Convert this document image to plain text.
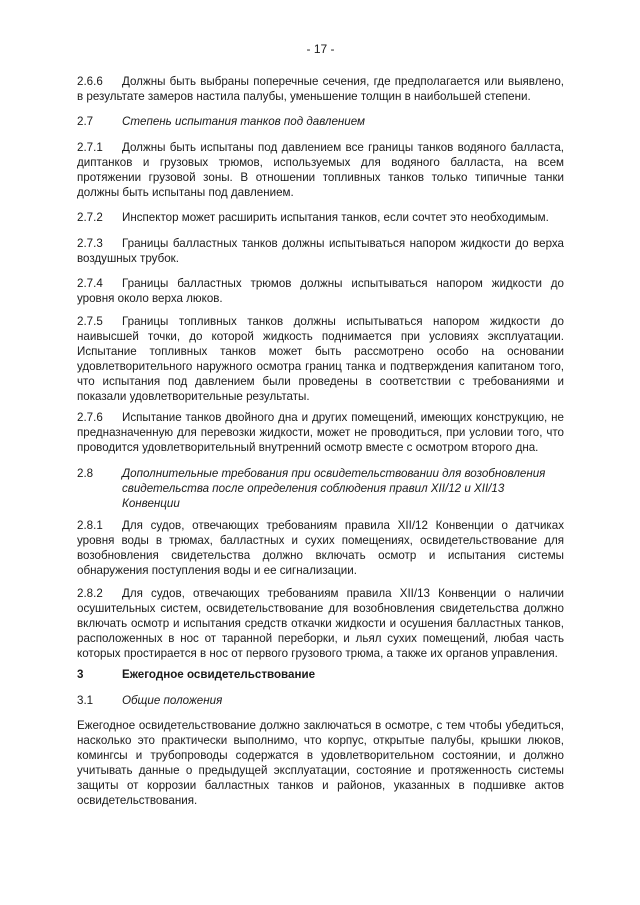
- 17 -
2.6.6 Должны быть выбраны поперечные сечения, где предполагается или выявлено, в результате замеров настила палубы, уменьшение толщин в наибольшей степени.
2.7 Степень испытания танков под давлением
2.7.1 Должны быть испытаны под давлением все границы танков водяного балласта, диптанков и грузовых трюмов, используемых для водяного балласта, на всем протяжении грузовой зоны. В отношении топливных танков только типичные танки должны быть испытаны под давлением.
2.7.2 Инспектор может расширить испытания танков, если сочтет это необходимым.
2.7.3 Границы балластных танков должны испытываться напором жидкости до верха воздушных трубок.
2.7.4 Границы балластных трюмов должны испытываться напором жидкости до уровня около верха люков.
2.7.5 Границы топливных танков должны испытываться напором жидкости до наивысшей точки, до которой жидкость поднимается при условиях эксплуатации. Испытание топливных танков может быть рассмотрено особо на основании удовлетворительного наружного осмотра границ танка и подтверждения капитаном того, что испытания под давлением были проведены в соответствии с требованиями и показали удовлетворительные результаты.
2.7.6 Испытание танков двойного дна и других помещений, имеющих конструкцию, не предназначенную для перевозки жидкости, может не проводиться, при условии того, что проводится удовлетворительный внутренний осмотр вместе с осмотром второго дна.
2.8 Дополнительные требования при освидетельствовании для возобновления свидетельства после определения соблюдения правил XII/12 и XII/13 Конвенции
2.8.1 Для судов, отвечающих требованиям правила XII/12 Конвенции о датчиках уровня воды в трюмах, балластных и сухих помещениях, освидетельствование для возобновления свидетельства должно включать осмотр и испытания системы обнаружения поступления воды и ее сигнализации.
2.8.2 Для судов, отвечающих требованиям правила XII/13 Конвенции о наличии осушительных систем, освидетельствование для возобновления свидетельства должно включать осмотр и испытания средств откачки жидкости и осушения балластных танков, расположенных в нос от таранной переборки, и льял сухих помещений, любая часть которых простирается в нос от первого грузового трюма, а также их органов управления.
3	Ежегодное освидетельствование
3.1 Общие положения
Ежегодное освидетельствование должно заключаться в осмотре, с тем чтобы убедиться, насколько это практически выполнимо, что корпус, открытые палубы, крышки люков, комингсы и трубопроводы содержатся в удовлетворительном состоянии, и должно учитывать данные о предыдущей эксплуатации, состояние и протяженность системы защиты от коррозии балластных танков и районов, указанных в подшивке актов освидетельствования.
